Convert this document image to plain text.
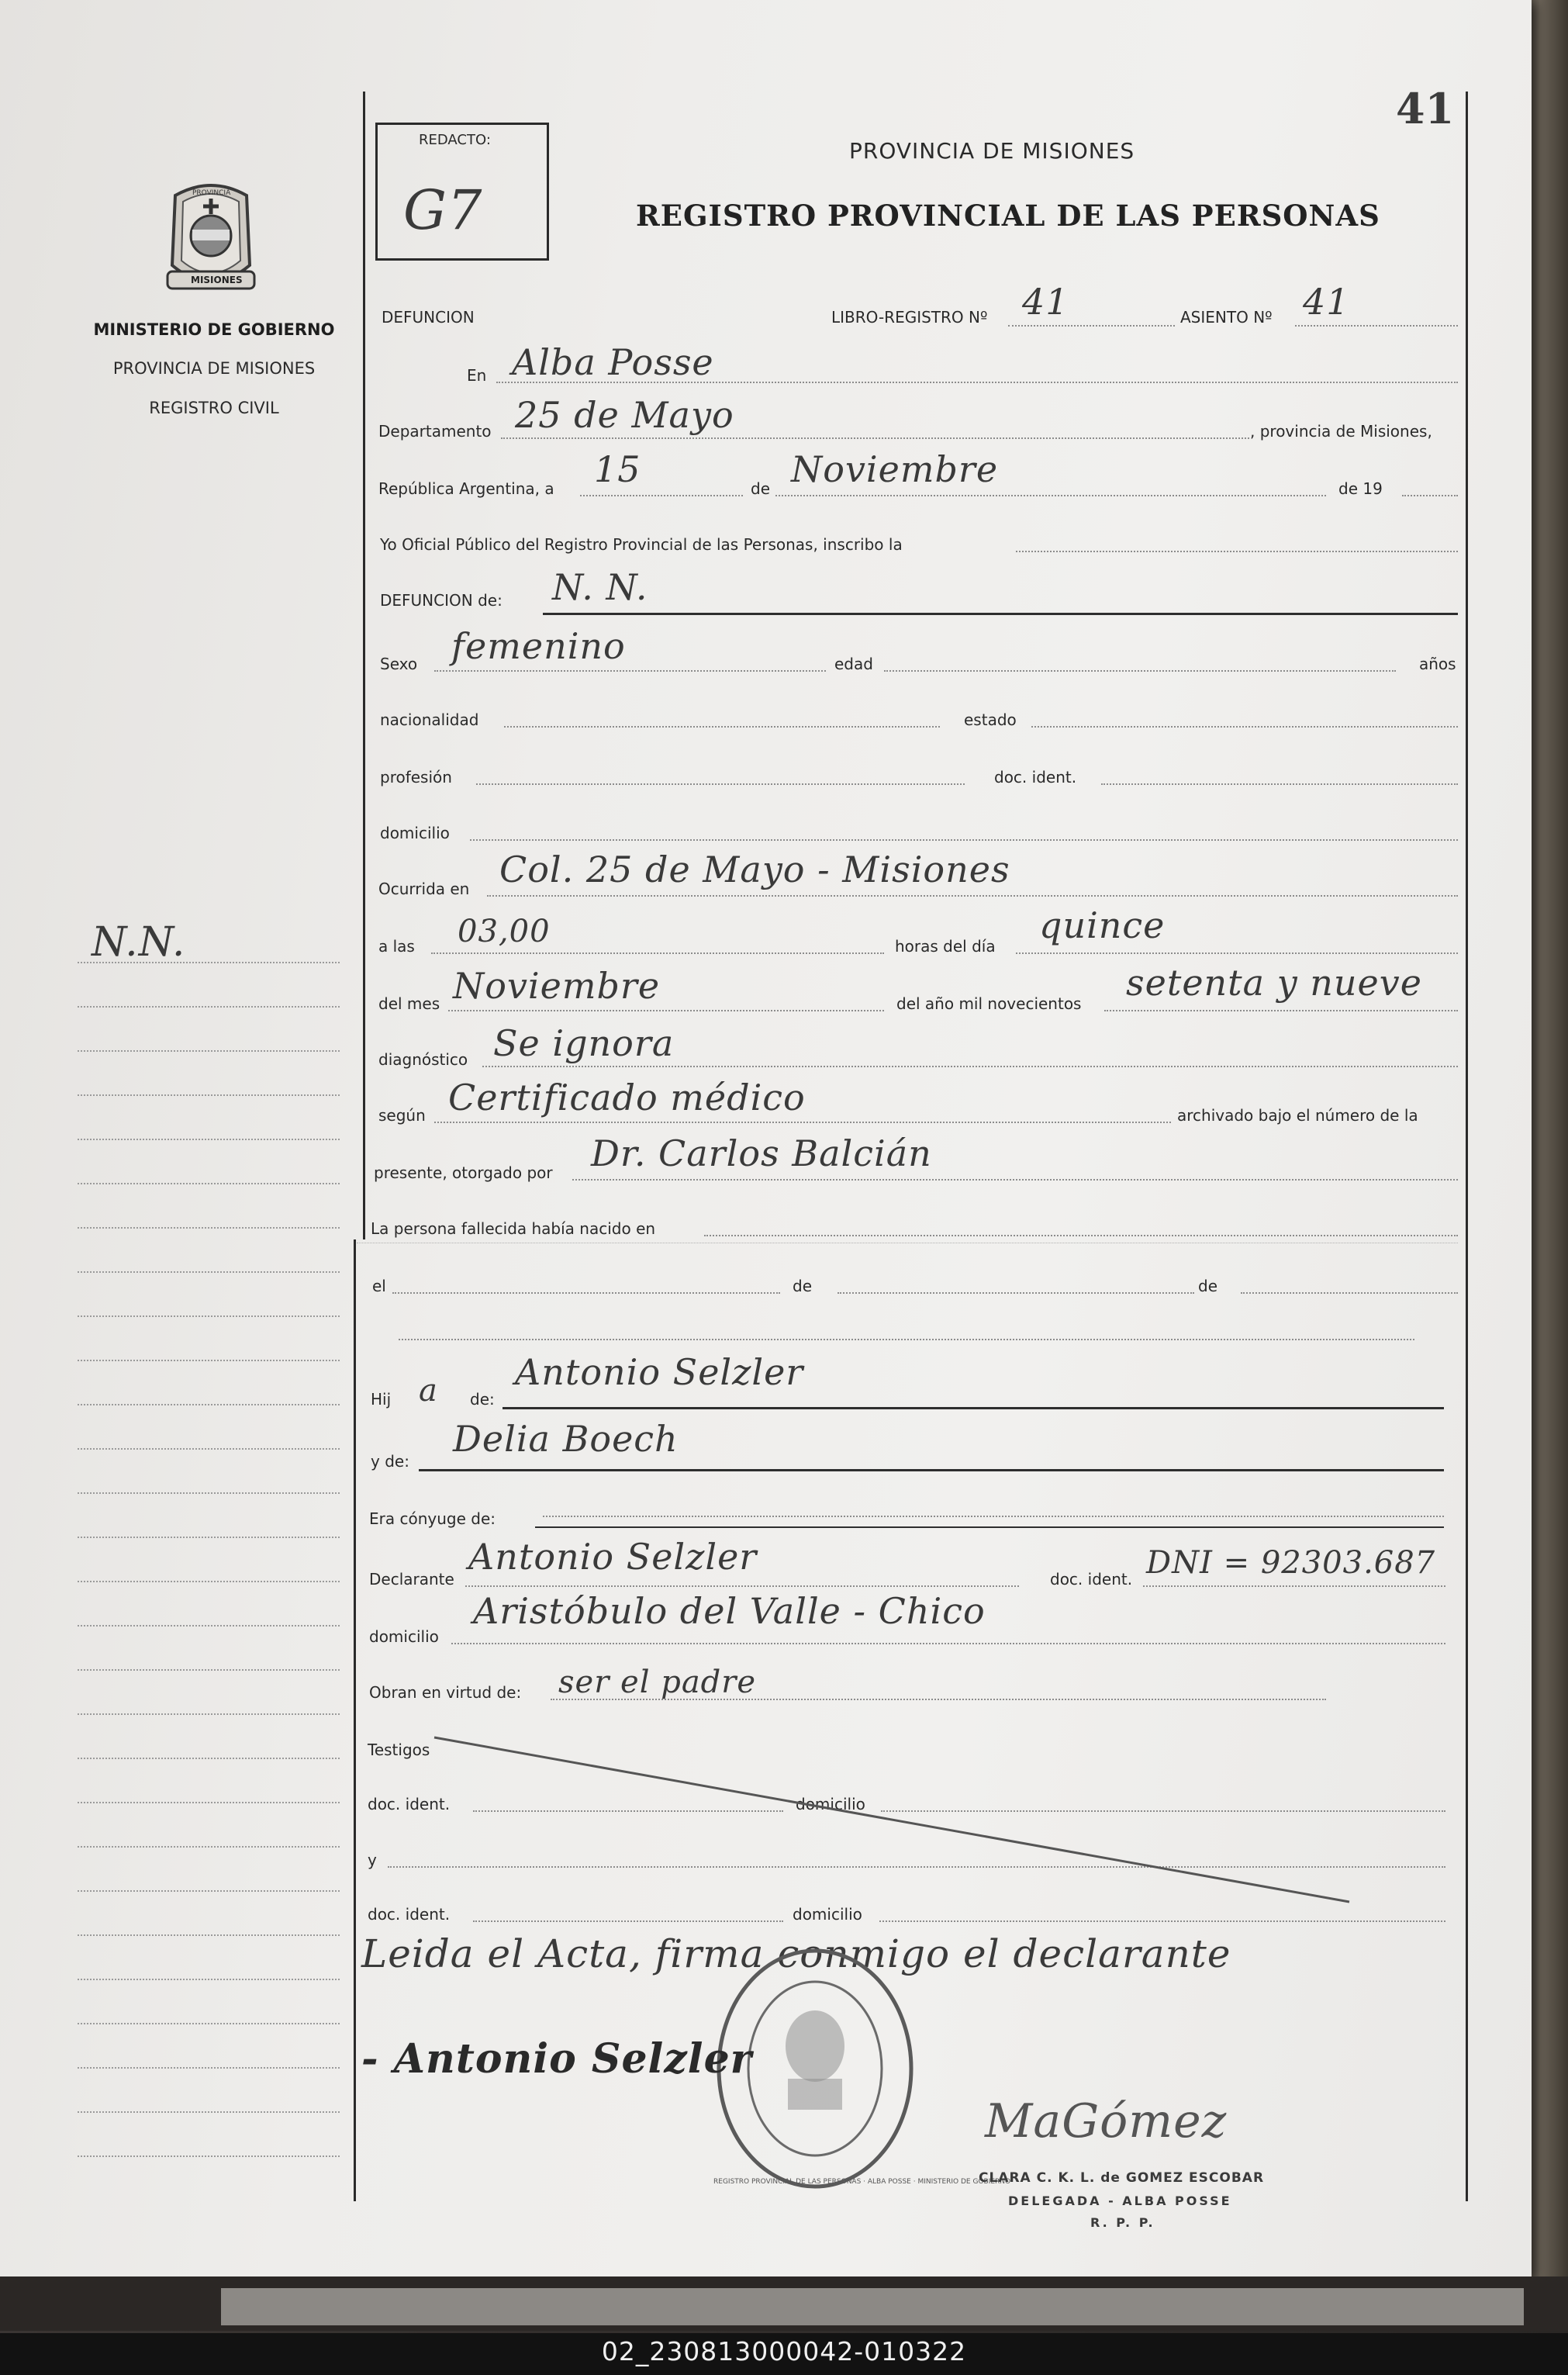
41
PROVINCIA
MISIONES
MINISTERIO DE GOBIERNO
PROVINCIA DE MISIONES
REGISTRO CIVIL
N.N.
REDACTO:
G7
PROVINCIA DE MISIONES
REGISTRO PROVINCIAL DE LAS PERSONAS
DEFUNCION	LIBRO-REGISTRO Nº 41	ASIENTO Nº 41
En Alba Posse
Departamento 25 de Mayo	, provincia de Misiones,
República Argentina, a 15	de Noviembre	de 19
Yo Oficial Público del Registro Provincial de las Personas, inscribo la
DEFUNCION de: N. N.
Sexo femenino	edad	años
nacionalidad	estado
profesión	doc. ident.
domicilio
Ocurrida en Col. 25 de Mayo - Misiones
a las 03,00	horas del día quince
del mes Noviembre	del año mil novecientos setenta y nueve
diagnóstico Se ignora
según Certificado médico	archivado bajo el número de la
presente, otorgado por Dr. Carlos Balcián
La persona fallecida había nacido en
el	de	de
Hij a de:
Antonio Selzler
y de:
Delia Boech
Era cónyuge de:
Declarante
Antonio Selzler
doc. ident. DNI = 92303.687
domicilio
Aristóbulo del Valle - Chico
Obran en virtud de: ser el padre
Testigos
doc. ident.	domicilio
y
doc. ident.	domicilio
Leida el Acta, firma conmigo el declarante
REGISTRO PROVINCIAL DE LAS PERSONAS · ALBA POSSE · MINISTERIO DE GOBIERNO
- Antonio Selzler
MaGómez
CLARA C. K. L. de GOMEZ ESCOBAR
DELEGADA - ALBA POSSE
R. P. P.
02_230813000042-010322
